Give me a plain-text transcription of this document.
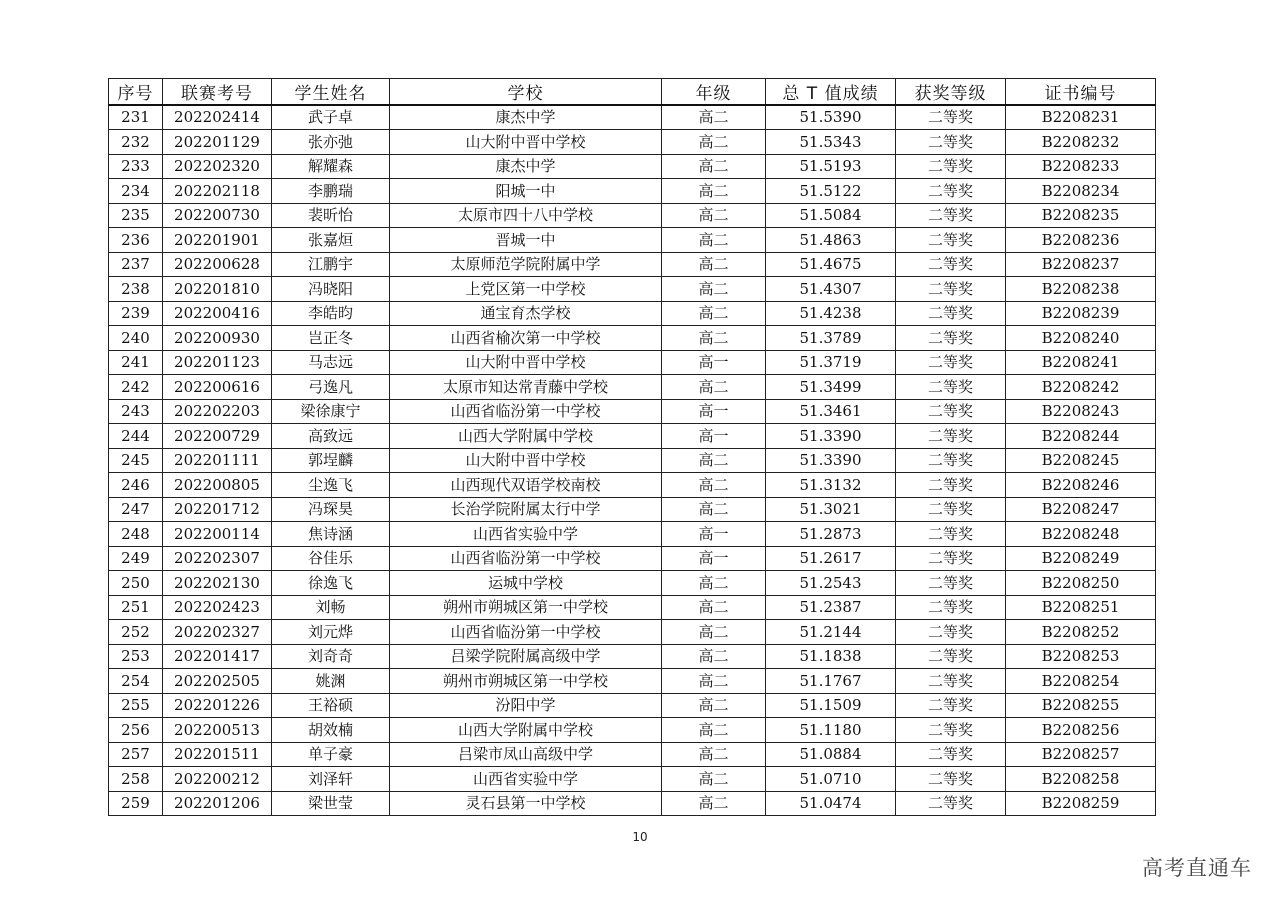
序号	联赛考号	学生姓名	学校	年级	总 T 值成绩	获奖等级	证书编号
231	202202414	武子卓	康杰中学	高二	51.5390	二等奖	B2208231
232	202201129	张亦弛	山大附中晋中学校	高二	51.5343	二等奖	B2208232
233	202202320	解耀森	康杰中学	高二	51.5193	二等奖	B2208233
234	202202118	李鹏瑞	阳城一中	高二	51.5122	二等奖	B2208234
235	202200730	裴昕怡	太原市四十八中学校	高二	51.5084	二等奖	B2208235
236	202201901	张嘉烜	晋城一中	高二	51.4863	二等奖	B2208236
237	202200628	江鹏宇	太原师范学院附属中学	高二	51.4675	二等奖	B2208237
238	202201810	冯晓阳	上党区第一中学校	高二	51.4307	二等奖	B2208238
239	202200416	李皓昀	通宝育杰学校	高二	51.4238	二等奖	B2208239
240	202200930	岂正冬	山西省榆次第一中学校	高二	51.3789	二等奖	B2208240
241	202201123	马志远	山大附中晋中学校	高一	51.3719	二等奖	B2208241
242	202200616	弓逸凡	太原市知达常青藤中学校	高二	51.3499	二等奖	B2208242
243	202202203	梁徐康宁	山西省临汾第一中学校	高一	51.3461	二等奖	B2208243
244	202200729	高致远	山西大学附属中学校	高一	51.3390	二等奖	B2208244
245	202201111	郭埕麟	山大附中晋中学校	高二	51.3390	二等奖	B2208245
246	202200805	尘逸飞	山西现代双语学校南校	高二	51.3132	二等奖	B2208246
247	202201712	冯琛昊	长治学院附属太行中学	高二	51.3021	二等奖	B2208247
248	202200114	焦诗涵	山西省实验中学	高一	51.2873	二等奖	B2208248
249	202202307	谷佳乐	山西省临汾第一中学校	高一	51.2617	二等奖	B2208249
250	202202130	徐逸飞	运城中学校	高二	51.2543	二等奖	B2208250
251	202202423	刘畅	朔州市朔城区第一中学校	高二	51.2387	二等奖	B2208251
252	202202327	刘元烨	山西省临汾第一中学校	高二	51.2144	二等奖	B2208252
253	202201417	刘奇奇	吕梁学院附属高级中学	高二	51.1838	二等奖	B2208253
254	202202505	姚渊	朔州市朔城区第一中学校	高二	51.1767	二等奖	B2208254
255	202201226	王裕硕	汾阳中学	高二	51.1509	二等奖	B2208255
256	202200513	胡效楠	山西大学附属中学校	高二	51.1180	二等奖	B2208256
257	202201511	单子豪	吕梁市凤山高级中学	高二	51.0884	二等奖	B2208257
258	202200212	刘泽轩	山西省实验中学	高二	51.0710	二等奖	B2208258
259	202201206	梁世莹	灵石县第一中学校	高二	51.0474	二等奖	B2208259
10
高考直通车
